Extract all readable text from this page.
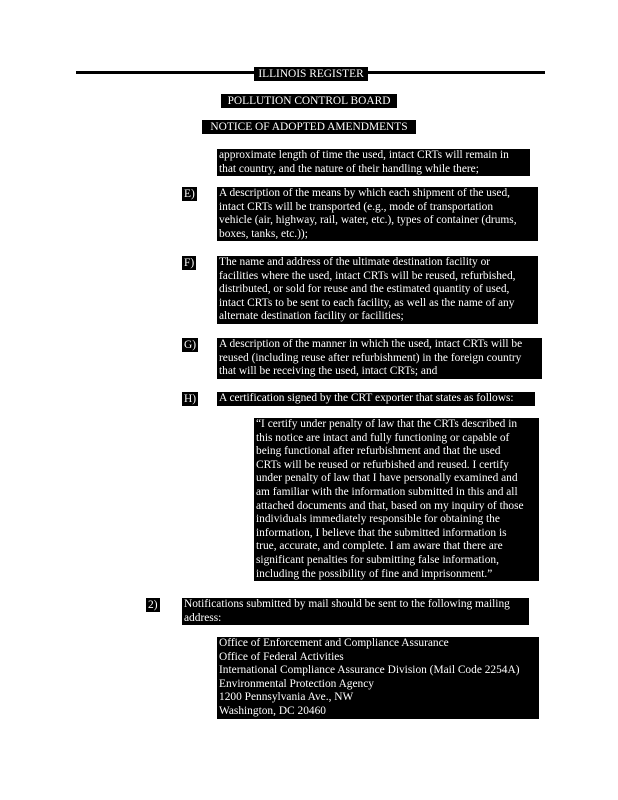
ILLINOIS REGISTER
POLLUTION CONTROL BOARD
NOTICE OF ADOPTED AMENDMENTS
approximate length of time the used, intact CRTs will remain in
that country, and the nature of their handling while there;
E) A description of the means by which each shipment of the used,
intact CRTs will be transported (e.g., mode of transportation
vehicle (air, highway, rail, water, etc.), types of container (drums,
boxes, tanks, etc.));
F) The name and address of the ultimate destination facility or
facilities where the used, intact CRTs will be reused, refurbished,
distributed, or sold for reuse and the estimated quantity of used,
intact CRTs to be sent to each facility, as well as the name of any
alternate destination facility or facilities;
G) A description of the manner in which the used, intact CRTs will be
reused (including reuse after refurbishment) in the foreign country
that will be receiving the used, intact CRTs; and
H) A certification signed by the CRT exporter that states as follows:
“I certify under penalty of law that the CRTs described in
this notice are intact and fully functioning or capable of
being functional after refurbishment and that the used
CRTs will be reused or refurbished and reused. I certify
under penalty of law that I have personally examined and
am familiar with the information submitted in this and all
attached documents and that, based on my inquiry of those
individuals immediately responsible for obtaining the
information, I believe that the submitted information is
true, accurate, and complete. I am aware that there are
significant penalties for submitting false information,
including the possibility of fine and imprisonment.”
2) Notifications submitted by mail should be sent to the following mailing
address:
Office of Enforcement and Compliance Assurance
Office of Federal Activities
International Compliance Assurance Division (Mail Code 2254A)
Environmental Protection Agency
1200 Pennsylvania Ave., NW
Washington, DC 20460
